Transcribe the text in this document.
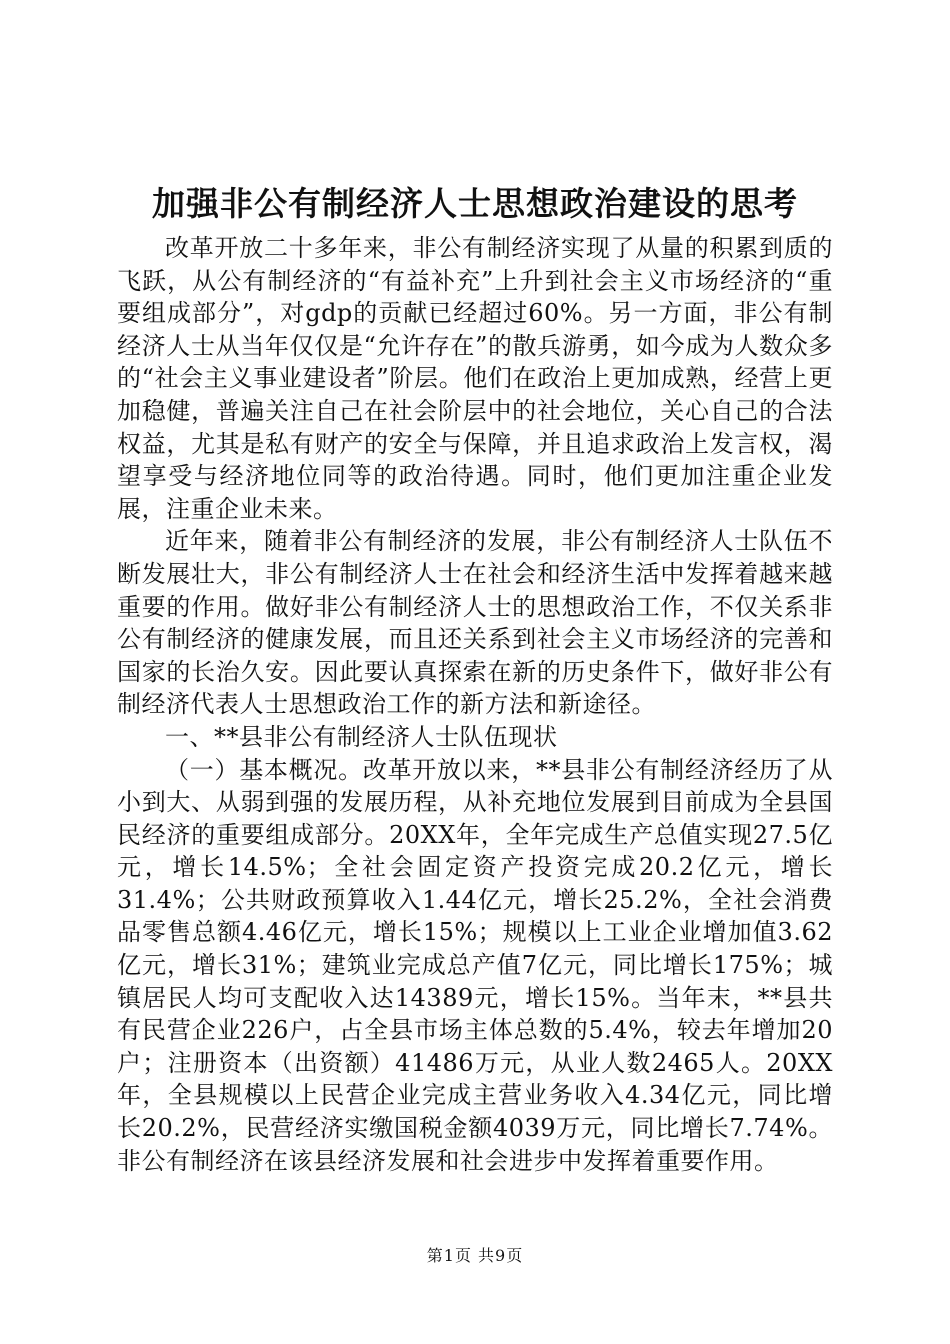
加强非公有制经济人士思想政治建设的思考

改革开放二十多年来，非公有制经济实现了从量的积累到质的飞跃，从公有制经济的“有益补充”上升到社会主义市场经济的“重要组成部分”，对gdp的贡献已经超过60%。另一方面，非公有制经济人士从当年仅仅是“允许存在”的散兵游勇，如今成为人数众多的“社会主义事业建设者”阶层。他们在政治上更加成熟，经营上更加稳健，普遍关注自己在社会阶层中的社会地位，关心自己的合法权益，尤其是私有财产的安全与保障，并且追求政治上发言权，渴望享受与经济地位同等的政治待遇。同时，他们更加注重企业发展，注重企业未来。

近年来，随着非公有制经济的发展，非公有制经济人士队伍不断发展壮大，非公有制经济人士在社会和经济生活中发挥着越来越重要的作用。做好非公有制经济人士的思想政治工作，不仅关系非公有制经济的健康发展，而且还关系到社会主义市场经济的完善和国家的长治久安。因此要认真探索在新的历史条件下，做好非公有制经济代表人士思想政治工作的新方法和新途径。

一、**县非公有制经济人士队伍现状

（一）基本概况。改革开放以来，**县非公有制经济经历了从小到大、从弱到强的发展历程，从补充地位发展到目前成为全县国民经济的重要组成部分。20XX年，全年完成生产总值实现27.5亿元，增长14.5%；全社会固定资产投资完成20.2亿元，增长31.4%；公共财政预算收入1.44亿元，增长25.2%，全社会消费品零售总额4.46亿元，增长15%；规模以上工业企业增加值3.62亿元，增长31%；建筑业完成总产值7亿元，同比增长175%；城镇居民人均可支配收入达14389元，增长15%。当年末，**县共有民营企业226户，占全县市场主体总数的5.4%，较去年增加20户；注册资本（出资额）41486万元，从业人数2465人。20XX年，全县规模以上民营企业完成主营业务收入4.34亿元，同比增长20.2%，民营经济实缴国税金额4039万元，同比增长7.74%。非公有制经济在该县经济发展和社会进步中发挥着重要作用。

第1页 共9页
